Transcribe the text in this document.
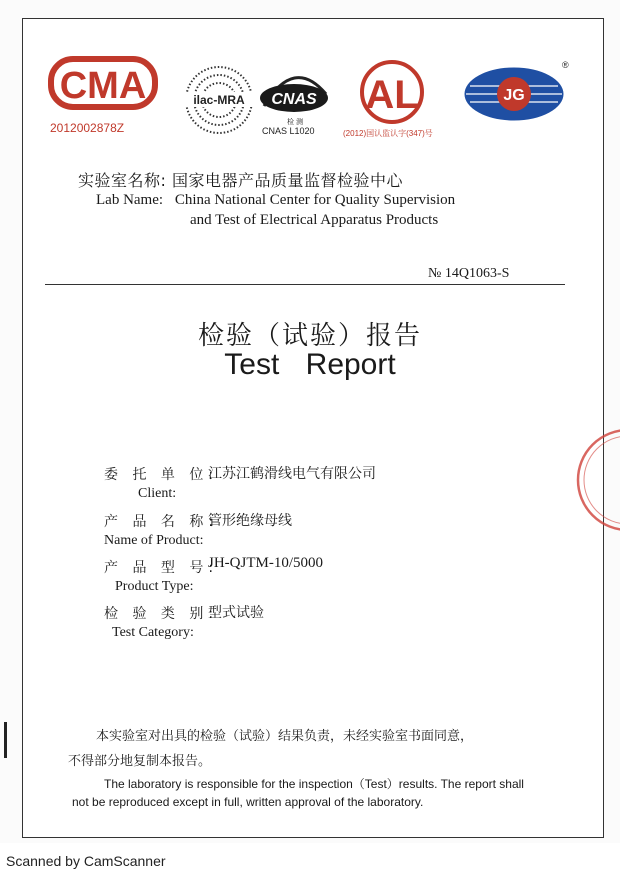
CMA
2012002878Z
ilac-MRA CNAS
检 测
CNAS L1020
AL
(2012)国认监认字(347)号
JG
®
实验室名称: 国家电器产品质量监督检验中心
Lab Name: China National Center for Quality Supervision
and Test of Electrical Apparatus Products
№ 14Q1063-S
检验（试验）报告
Test Report
委 托 单 位:
江苏江鹤滑线电气有限公司
Client:
产 品 名 称:
管形绝缘母线
Name of Product:
产 品 型 号:
JH-QJTM-10/5000
Product Type:
检 验 类 别:
型式试验
Test Category:
本实验室对出具的检验（试验）结果负责，未经实验室书面同意，
不得部分地复制本报告。
The laboratory is responsible for the inspection（Test）results. The report shall
not be reproduced except in full, written approval of the laboratory.
Scanned by CamScanner
